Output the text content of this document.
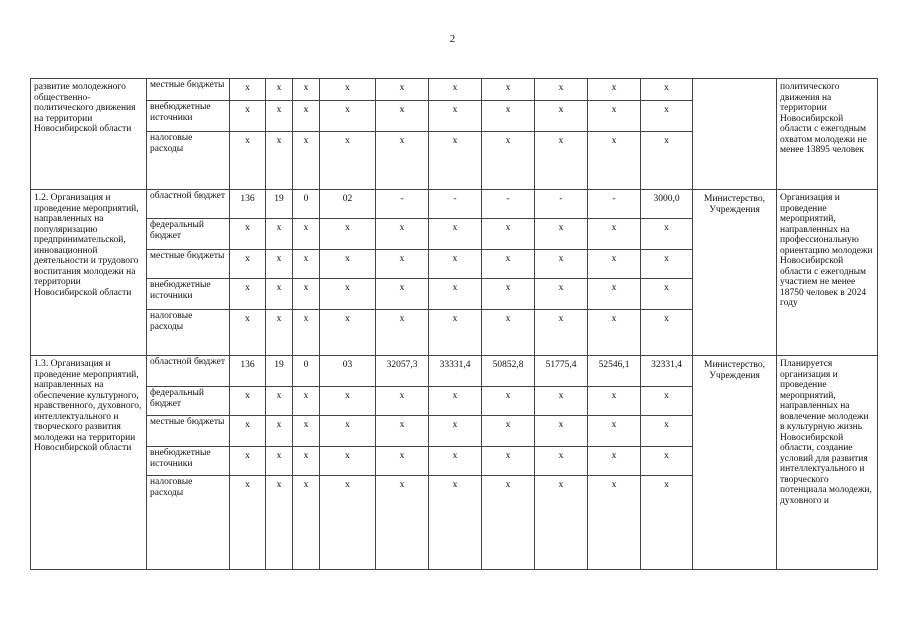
2
развитие молодежного общественно-политического движения на территории Новосибирской области	местные бюджеты	x	x	x	x	x	x	x	x	x	x		политического движения на территории Новосибирской области с ежегодным охватом молодежи не менее 13895 человек
	внебюджетные источники	x	x	x	x	x	x	x	x	x	x		
	налоговые расходы	x	x	x	x	x	x	x	x	x	x		
1.2. Организация и проведение мероприятий, направленных на популяризацию предпринимательской, инновационной деятельности и трудового воспитания молодежи на территории Новосибирской области	областной бюджет	136	19	0	02	-	-	-	-	-	3000,0	Министерство, Учреждения	Организация и проведение мероприятий, направленных на профессиональную ориентацию молодежи Новосибирской области с ежегодным участием не менее 18750 человек в 2024 году
	федеральный бюджет	x	x	x	x	x	x	x	x	x	x		
	местные бюджеты	x	x	x	x	x	x	x	x	x	x		
	внебюджетные источники	x	x	x	x	x	x	x	x	x	x		
	налоговые расходы	x	x	x	x	x	x	x	x	x	x		
1.3. Организация и проведение мероприятий, направленных на обеспечение культурного, нравственного, духовного, интеллектуального и творческого развития молодежи на территории Новосибирской области	областной бюджет	136	19	0	03	32057,3	33331,4	50852,8	51775,4	52546,1	32331,4	Министерство, Учреждения	Планируется организация и проведение мероприятий, направленных на вовлечение молодежи в культурную жизнь Новосибирской области, создание условий для развития интеллектуального и творческого потенциала молодежи, духовного и
	федеральный бюджет	x	x	x	x	x	x	x	x	x	x		
	местные бюджеты	x	x	x	x	x	x	x	x	x	x		
	внебюджетные источники	x	x	x	x	x	x	x	x	x	x		
	налоговые расходы	x	x	x	x	x	x	x	x	x	x		
